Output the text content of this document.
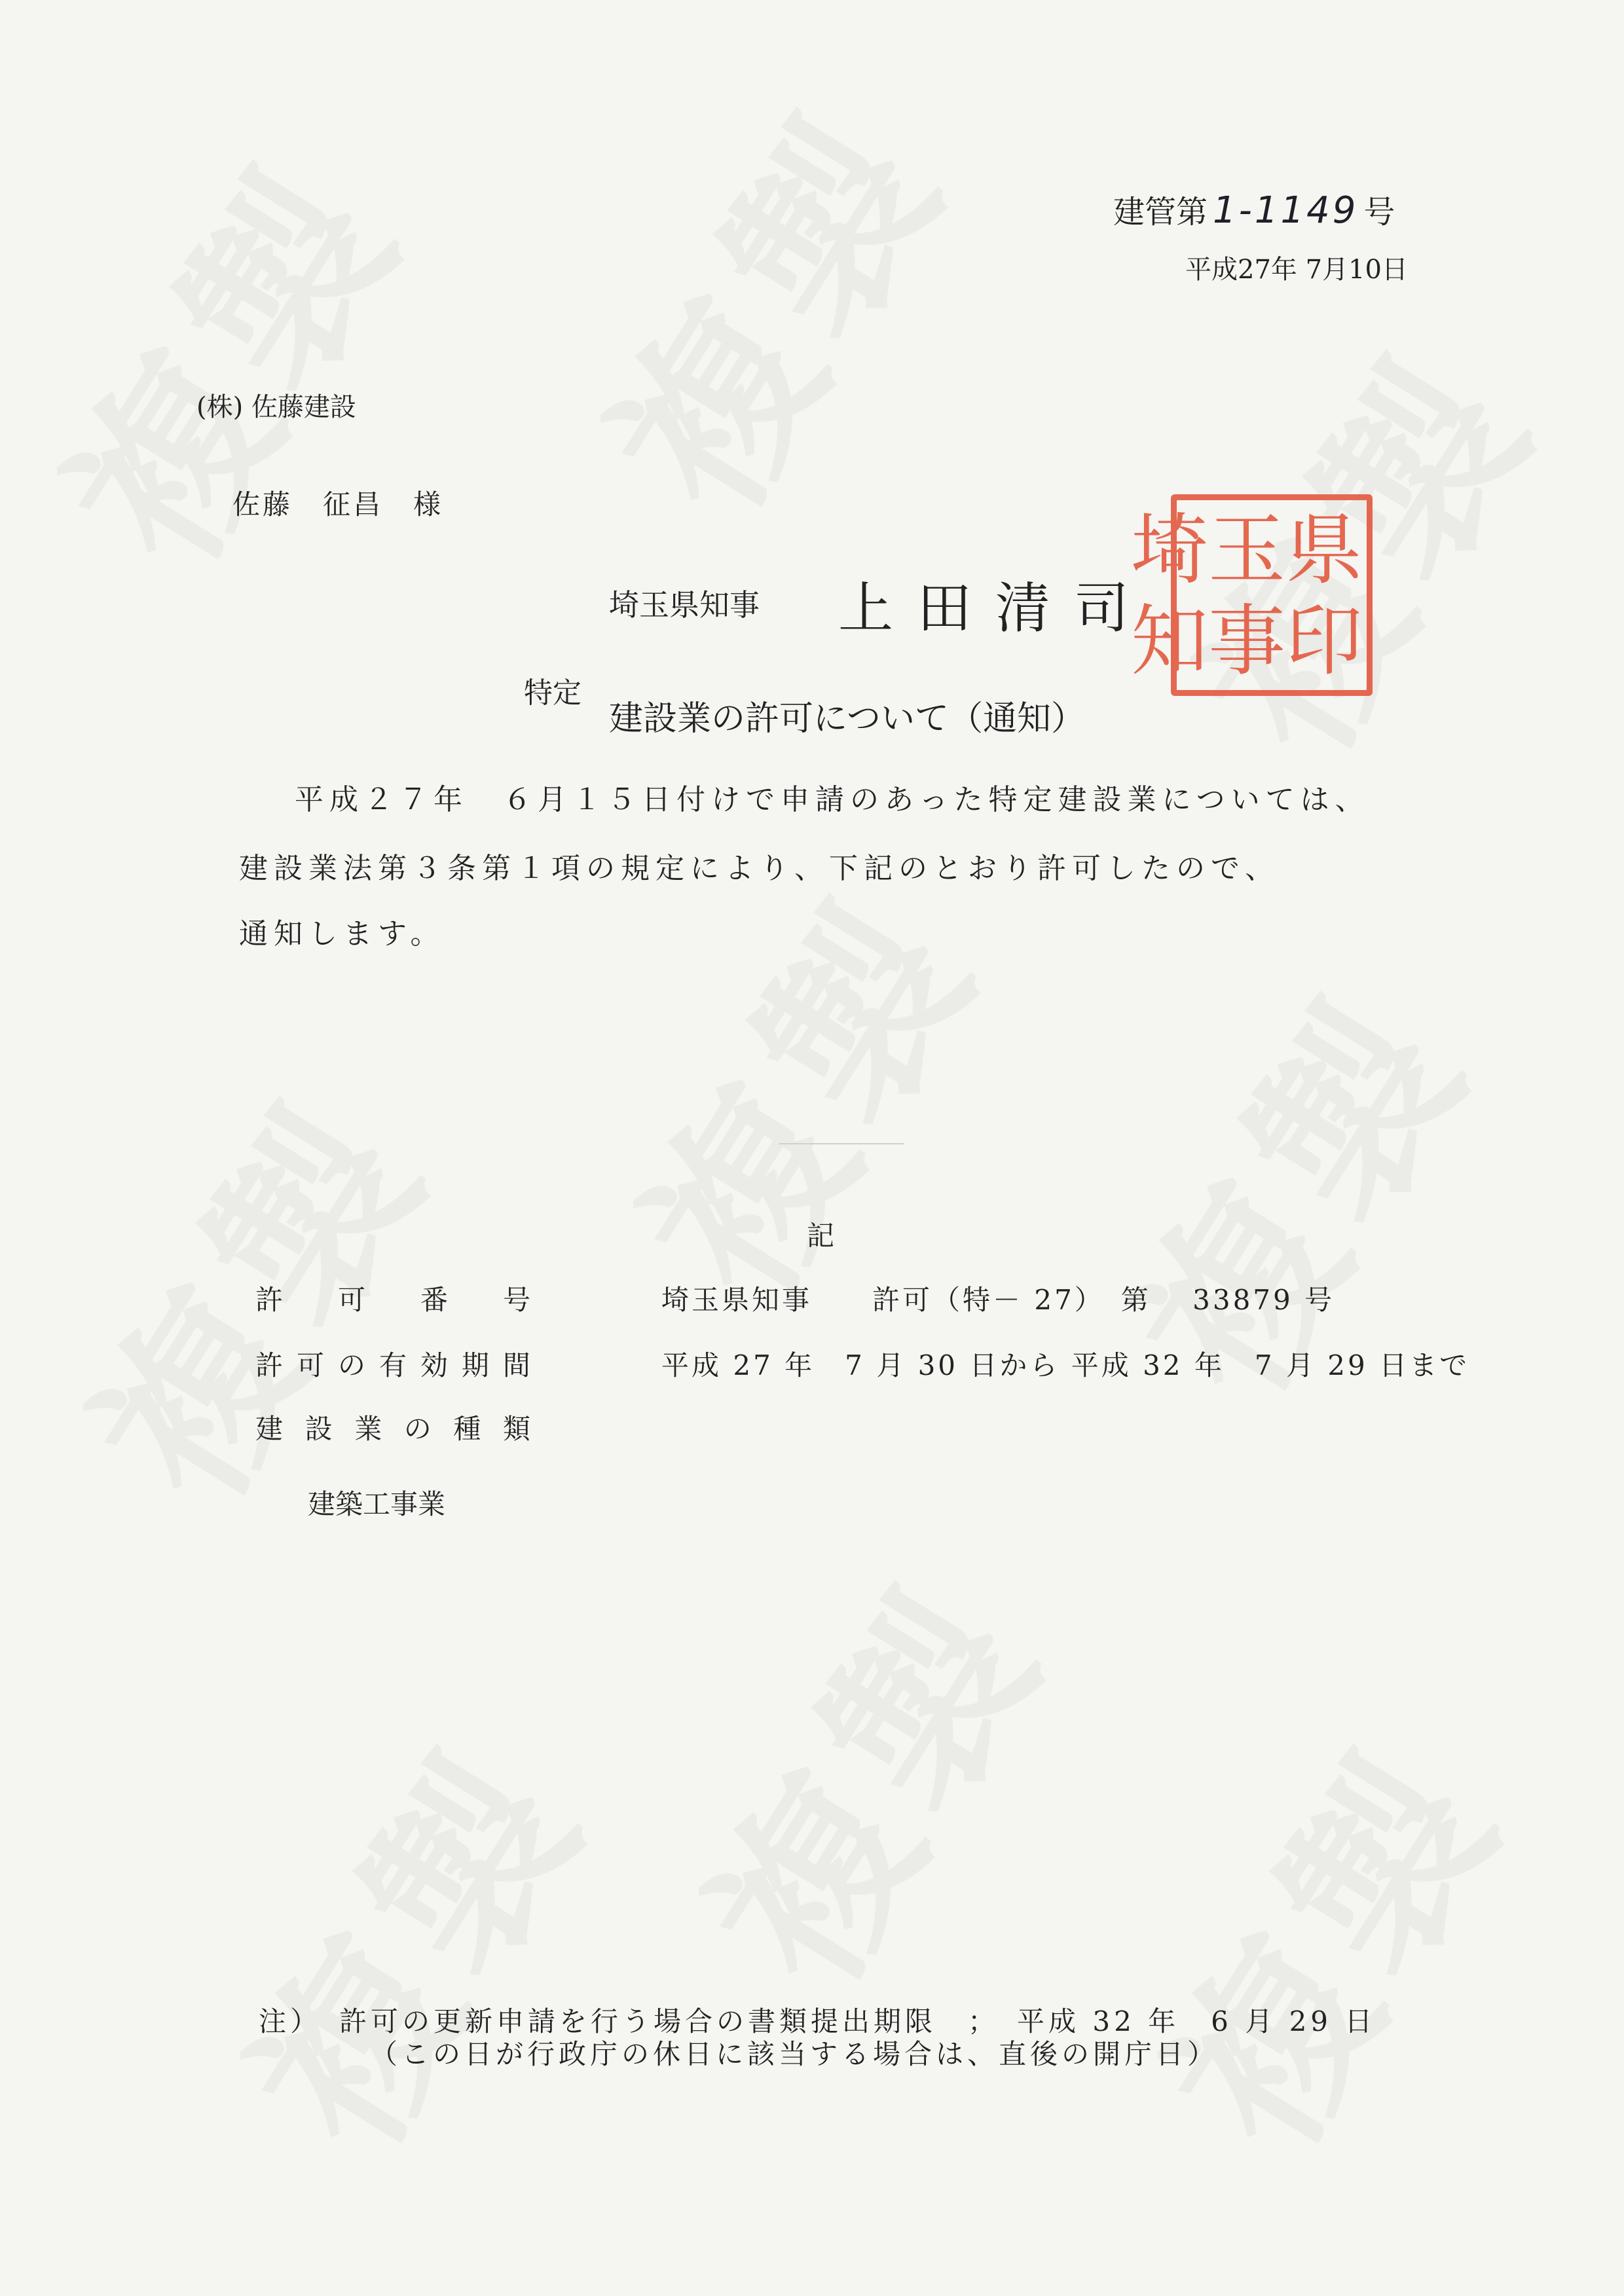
建管第 1-1149 号
平成27年 7月10日
(株) 佐藤建設
佐藤　征昌　様
埼玉県知事 上田清司
県
印
玉
事
埼
知
特定
建設業の許可について（通知）
平成２７年　６月１５日付けで申請のあった特定建設業については、
建設業法第３条第１項の規定により、下記のとおり許可したので、
通知します。
記
許 可 番 号	埼玉県知事　　許可（特－ 27）　第　 33879 号
許 可 の 有 効 期 間	平成 27 年　7 月 30 日から 平成 32 年　7 月 29 日まで
建 設 業 の 種 類
建築工事業
注）　許可の更新申請を行う場合の書類提出期限　；　平成 32 年　6 月 29 日
（この日が行政庁の休日に該当する場合は、直後の開庁日）
